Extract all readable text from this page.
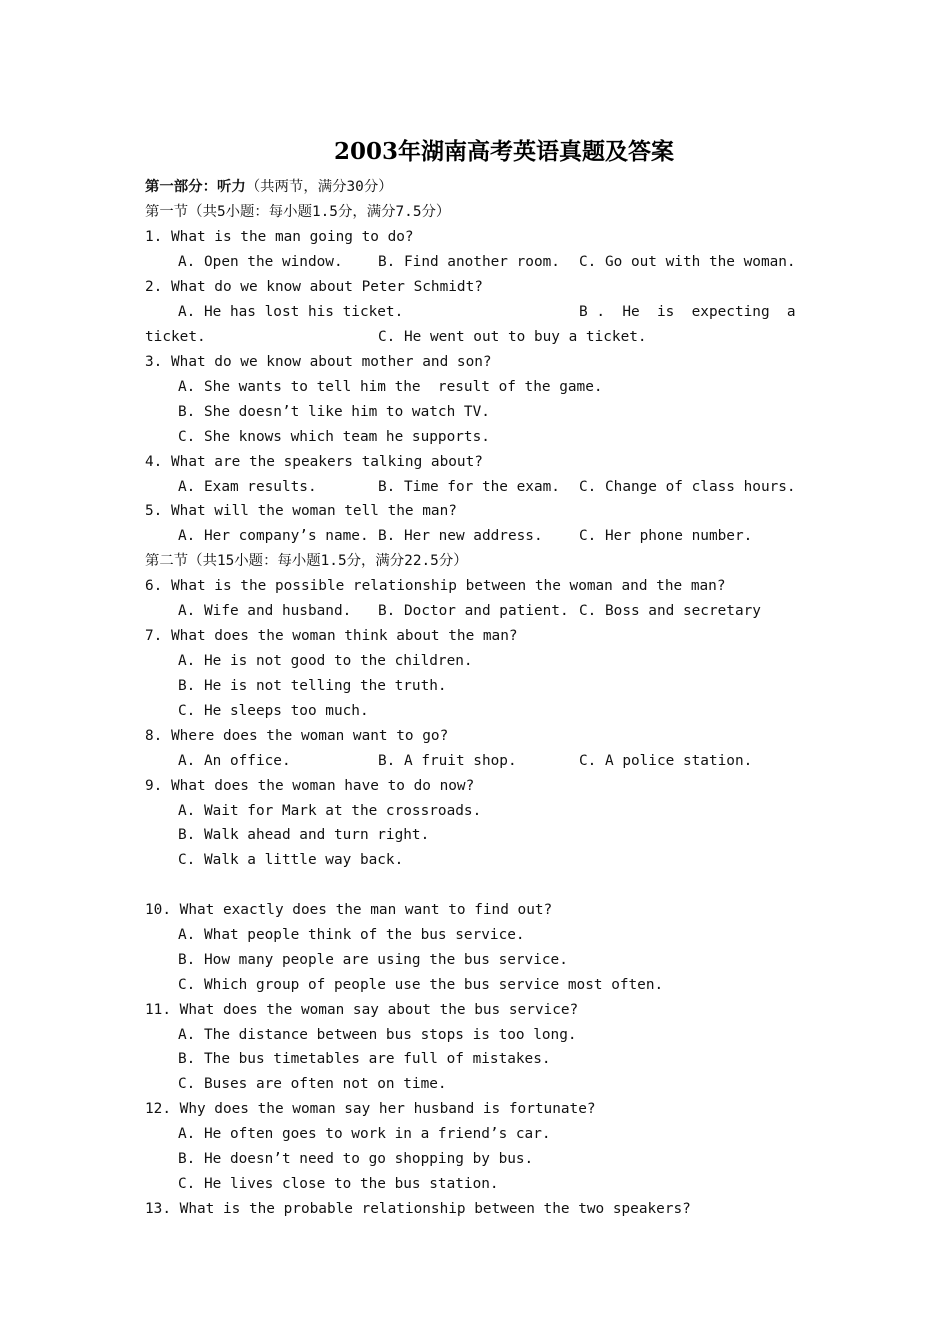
2003年湖南高考英语真题及答案
第一部分：听力（共两节，满分30分）
第一节（共5小题：每小题1.5分，满分7.5分）
1. What is the man going to do?
A. Open the window. B. Find another room. C. Go out with the woman.
2. What do we know about Peter Schmidt?
A. He has lost his ticket.	B .  He  is  expecting  a
ticket.	C. He went out to buy a ticket.
3. What do we know about mother and son?
A. She wants to tell him the  result of the game.
B. She doesn’t like him to watch TV.
C. She knows which team he supports.
4. What are the speakers talking about?
A. Exam results.	B. Time for the exam. C. Change of class hours.
5. What will the woman tell the man?
A. Her company’s name. B. Her new address.	C. Her phone number.
第二节（共15小题：每小题1.5分，满分22.5分）
6. What is the possible relationship between the woman and the man?
A. Wife and husband. B. Doctor and patient. C. Boss and secretary
7. What does the woman think about the man?
A. He is not good to the children.
B. He is not telling the truth.
C. He sleeps too much.
8. Where does the woman want to go?
A. An office.	B. A fruit shop.	C. A police station.
9. What does the woman have to do now?
A. Wait for Mark at the crossroads.
B. Walk ahead and turn right.
C. Walk a little way back.
10. What exactly does the man want to find out?
A. What people think of the bus service.
B. How many people are using the bus service.
C. Which group of people use the bus service most often.
11. What does the woman say about the bus service?
A. The distance between bus stops is too long.
B. The bus timetables are full of mistakes.
C. Buses are often not on time.
12. Why does the woman say her husband is fortunate?
A. He often goes to work in a friend’s car.
B. He doesn’t need to go shopping by bus.
C. He lives close to the bus station.
13. What is the probable relationship between the two speakers?
